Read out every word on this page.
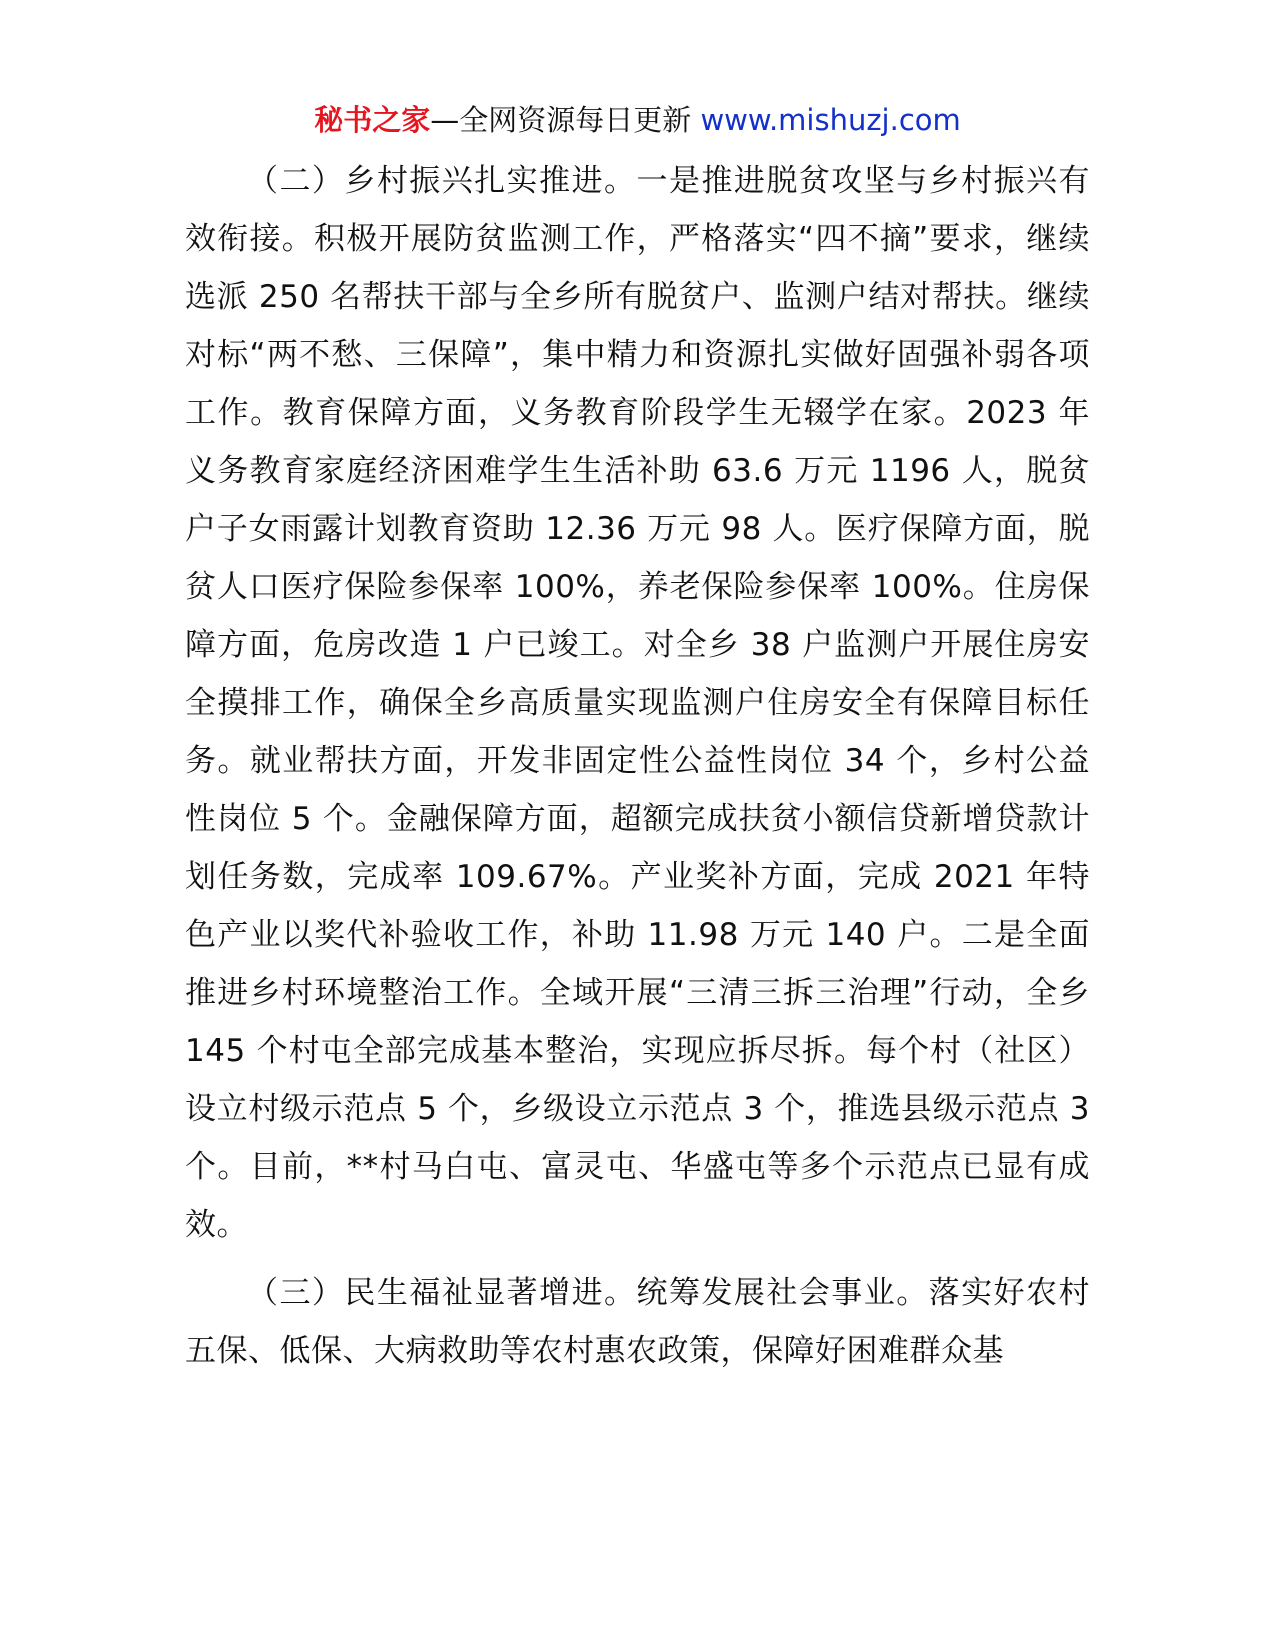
秘书之家—全网资源每日更新 www.mishuzj.com

（二）乡村振兴扎实推进。一是推进脱贫攻坚与乡村振兴有效衔接。积极开展防贫监测工作，严格落实“四不摘”要求，继续选派 250 名帮扶干部与全乡所有脱贫户、监测户结对帮扶。继续对标“两不愁、三保障”，集中精力和资源扎实做好固强补弱各项工作。教育保障方面，义务教育阶段学生无辍学在家。2023 年义务教育家庭经济困难学生生活补助 63.6 万元 1196 人，脱贫户子女雨露计划教育资助 12.36 万元 98 人。医疗保障方面，脱贫人口医疗保险参保率 100%，养老保险参保率 100%。住房保障方面，危房改造 1 户已竣工。对全乡 38 户监测户开展住房安全摸排工作，确保全乡高质量实现监测户住房安全有保障目标任务。就业帮扶方面，开发非固定性公益性岗位 34 个，乡村公益性岗位 5 个。金融保障方面，超额完成扶贫小额信贷新增贷款计划任务数，完成率 109.67%。产业奖补方面，完成 2021 年特色产业以奖代补验收工作，补助 11.98 万元 140 户。二是全面推进乡村环境整治工作。全域开展“三清三拆三治理”行动，全乡 145 个村屯全部完成基本整治，实现应拆尽拆。每个村（社区）设立村级示范点 5 个，乡级设立示范点 3 个，推选县级示范点 3 个。目前，**村马白屯、富灵屯、华盛屯等多个示范点已显有成效。

（三）民生福祉显著增进。统筹发展社会事业。落实好农村五保、低保、大病救助等农村惠农政策，保障好困难群众基
